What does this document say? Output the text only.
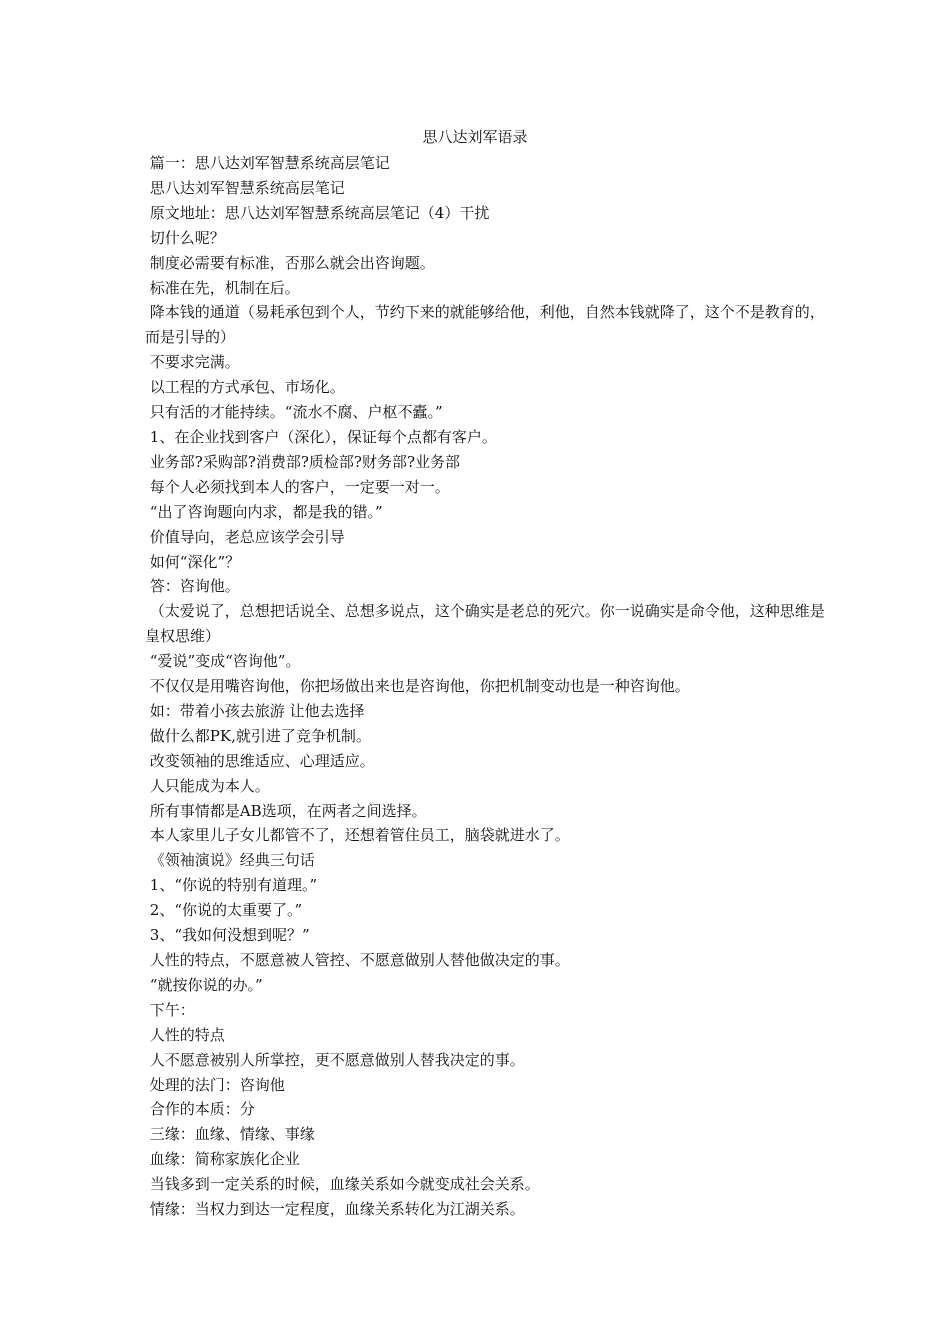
思八达刘军语录

篇一：思八达刘军智慧系统高层笔记

思八达刘军智慧系统高层笔记

原文地址：思八达刘军智慧系统高层笔记（4）干扰

切什么呢？

制度必需要有标准，否那么就会出咨询题。

标准在先，机制在后。

降本钱的通道（易耗承包到个人，节约下来的就能够给他，利他，自然本钱就降了，这个不是教育的，而是引导的）

不要求完满。

以工程的方式承包、市场化。

只有活的才能持续。“流水不腐、户枢不蠹。”

1、在企业找到客户（深化），保证每个点都有客户。

业务部?采购部?消费部?质检部?财务部?业务部

每个人必须找到本人的客户，一定要一对一。

“出了咨询题向内求，都是我的错。”

价值导向，老总应该学会引导

如何“深化”？

答：咨询他。

（太爱说了，总想把话说全、总想多说点，这个确实是老总的死穴。你一说确实是命令他，这种思维是皇权思维）

“爱说”变成“咨询他”。

不仅仅是用嘴咨询他，你把场做出来也是咨询他，你把机制变动也是一种咨询他。

如：带着小孩去旅游 让他去选择

做什么都PK,就引进了竞争机制。

改变领袖的思维适应、心理适应。

人只能成为本人。

所有事情都是AB选项，在两者之间选择。

本人家里儿子女儿都管不了，还想着管住员工，脑袋就进水了。

《领袖演说》经典三句话

1、“你说的特别有道理。”

2、“你说的太重要了。”

3、“我如何没想到呢？”

人性的特点，不愿意被人管控、不愿意做别人替他做决定的事。

“就按你说的办。”

下午：

人性的特点

人不愿意被别人所掌控，更不愿意做别人替我决定的事。

处理的法门：咨询他

合作的本质：分

三缘：血缘、情缘、事缘

血缘：简称家族化企业

当钱多到一定关系的时候，血缘关系如今就变成社会关系。

情缘：当权力到达一定程度，血缘关系转化为江湖关系。
